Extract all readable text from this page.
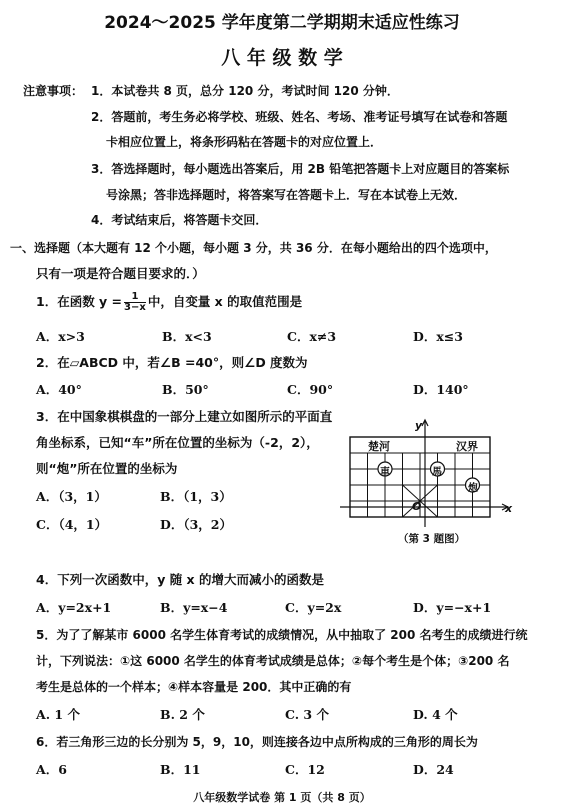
2024～2025 学年度第二学期期末适应性练习
八 年 级 数 学
注意事项： 1．本试卷共 8 页，总分 120 分，考试时间 120 分钟．
2．答题前，考生务必将学校、班级、姓名、考场、准考证号填写在试卷和答题
卡相应位置上，将条形码粘在答题卡的对应位置上．
3．答选择题时，每小题选出答案后，用 2B 铅笔把答题卡上对应题目的答案标
号涂黑；答非选择题时，将答案写在答题卡上．写在本试卷上无效．
4．考试结束后，将答题卡交回．
一、选择题（本大题有 12 个小题，每小题 3 分，共 36 分．在每小题给出的四个选项中，
只有一项是符合题目要求的．）
1．在函数 $y = \frac{1}{3-x}$ 中，自变量 x 的取值范围是
A．x>3	B．x<3	C．x≠3	D．x≤3
2．在▱ABCD 中，若∠B =40°，则∠D 度数为
A．40°	B．50°	C．90°	D．140°
3．在中国象棋棋盘的一部分上建立如图所示的平面直
角坐标系，已知“车”所在位置的坐标为（-2，2），
则“炮”所在位置的坐标为
A．（3，1）	B．（1，3）
C．（4，1）	D．（3，2）
楚河	汉界
車	馬
炮
y
x
O
（第 3 题图）
4．下列一次函数中，y 随 x 的增大而减小的函数是
A．y=2x+1	B．y=x−4	C．y=2x	D．y=−x+1
5．为了了解某市 6000 名学生体育考试的成绩情况，从中抽取了 200 名考生的成绩进行统
计，下列说法：①这 6000 名学生的体育考试成绩是总体；②每个考生是个体；③200 名
考生是总体的一个样本；④样本容量是 200．其中正确的有
A. 1 个	B. 2 个	C. 3 个	D. 4 个
6．若三角形三边的长分别为 5，9，10，则连接各边中点所构成的三角形的周长为
A．6	B．11	C．12	D．24
八年级数学试卷 第 1 页（共 8 页）
